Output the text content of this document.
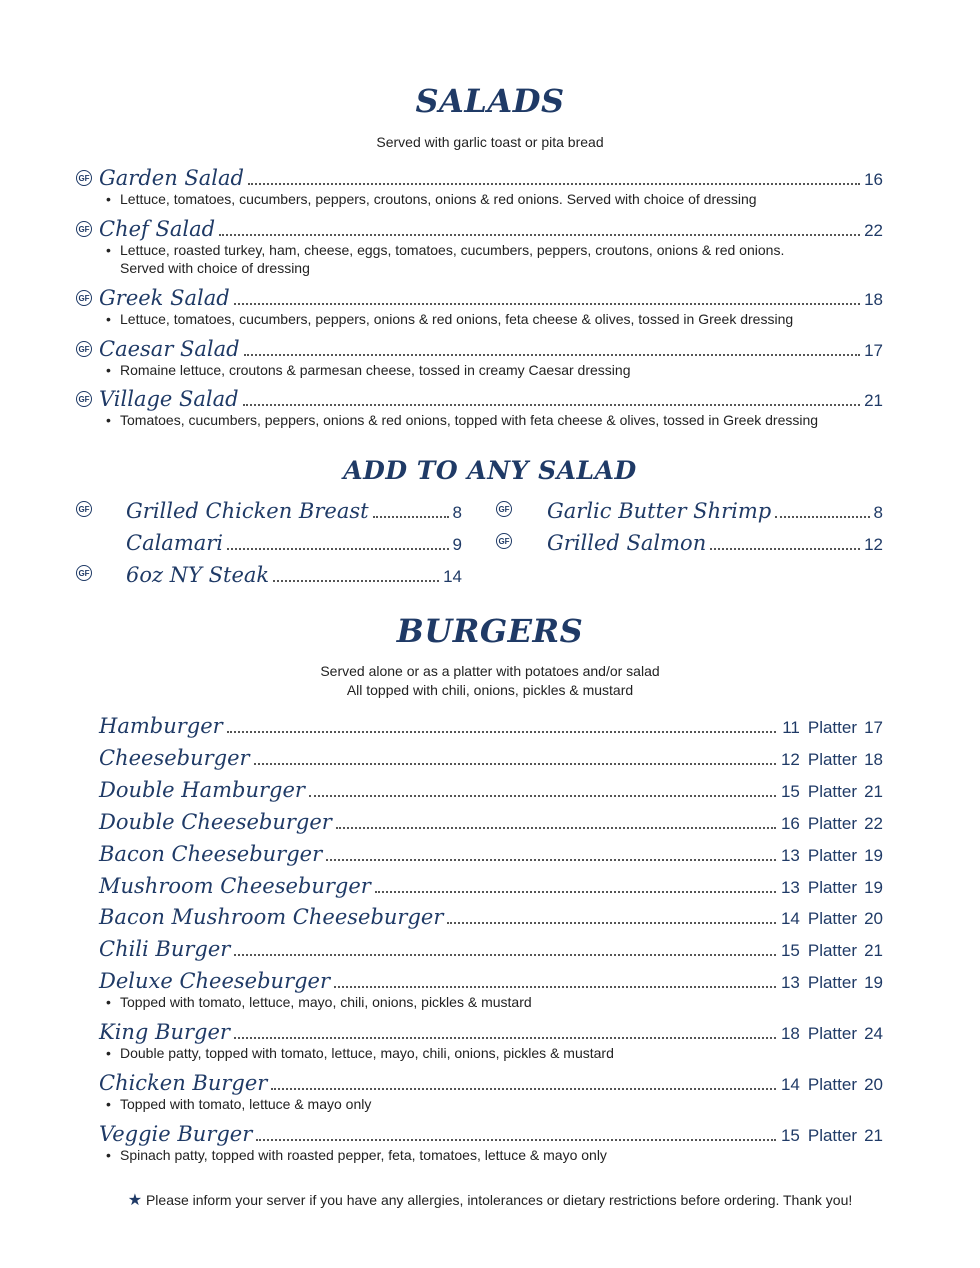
SALADS
Served with garlic toast or pita bread
GF Garden Salad	16
• Lettuce, tomatoes, cucumbers, peppers, croutons, onions & red onions. Served with choice of dressing
GF Chef Salad	22
• Lettuce, roasted turkey, ham, cheese, eggs, tomatoes, cucumbers, peppers, croutons, onions & red onions.
Served with choice of dressing
GF Greek Salad	18
• Lettuce, tomatoes, cucumbers, peppers, onions & red onions, feta cheese & olives, tossed in Greek dressing
GF Caesar Salad	17
• Romaine lettuce, croutons & parmesan cheese, tossed in creamy Caesar dressing
GF Village Salad	21
• Tomatoes, cucumbers, peppers, onions & red onions, topped with feta cheese & olives, tossed in Greek dressing
ADD TO ANY SALAD
GF Grilled Chicken Breast	8
Calamari	9
GF 6oz NY Steak	14
GF Garlic Butter Shrimp	8
GF Grilled Salmon	12
BURGERS
Served alone or as a platter with potatoes and/or salad
All topped with chili, onions, pickles & mustard
Hamburger	11 Platter 17
Cheeseburger	12 Platter 18
Double Hamburger	15 Platter 21
Double Cheeseburger	16 Platter 22
Bacon Cheeseburger	13 Platter 19
Mushroom Cheeseburger	13 Platter 19
Bacon Mushroom Cheeseburger	14 Platter 20
Chili Burger	15 Platter 21
Deluxe Cheeseburger	13 Platter 19
• Topped with tomato, lettuce, mayo, chili, onions, pickles & mustard
King Burger	18 Platter 24
• Double patty, topped with tomato, lettuce, mayo, chili, onions, pickles & mustard
Chicken Burger	14 Platter 20
• Topped with tomato, lettuce & mayo only
Veggie Burger	15 Platter 21
• Spinach patty, topped with roasted pepper, feta, tomatoes, lettuce & mayo only
★ Please inform your server if you have any allergies, intolerances or dietary restrictions before ordering. Thank you!
